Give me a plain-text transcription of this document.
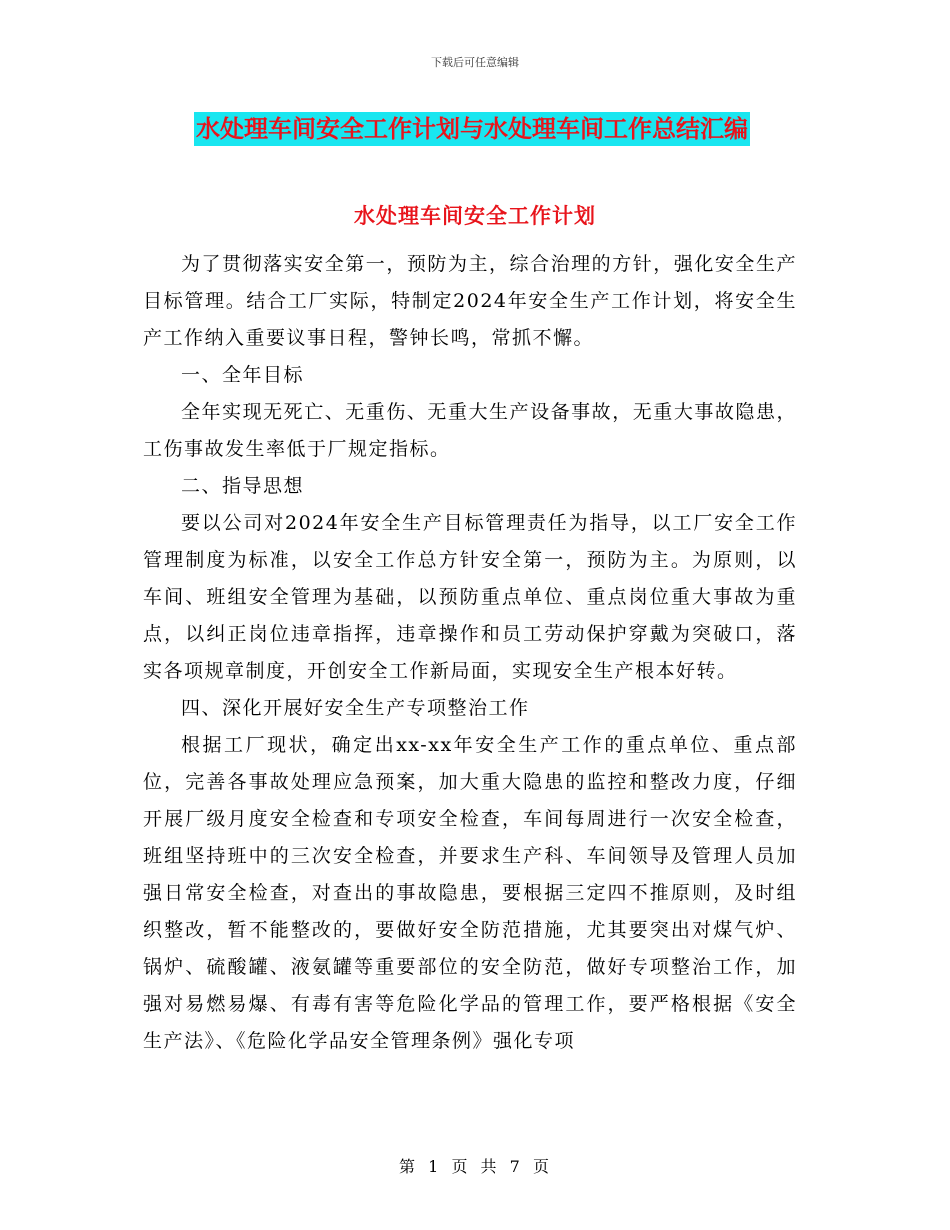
下载后可任意编辑
水处理车间安全工作计划与水处理车间工作总结汇编
水处理车间安全工作计划

为了贯彻落实安全第一，预防为主，综合治理的方针，强化安全生产目标管理。结合工厂实际，特制定2024年安全生产工作计划，将安全生产工作纳入重要议事日程，警钟长鸣，常抓不懈。

一、全年目标

全年实现无死亡、无重伤、无重大生产设备事故，无重大事故隐患，工伤事故发生率低于厂规定指标。

二、指导思想

要以公司对2024年安全生产目标管理责任为指导，以工厂安全工作管理制度为标准，以安全工作总方针安全第一，预防为主。为原则，以车间、班组安全管理为基础，以预防重点单位、重点岗位重大事故为重点，以纠正岗位违章指挥，违章操作和员工劳动保护穿戴为突破口，落实各项规章制度，开创安全工作新局面，实现安全生产根本好转。

四、深化开展好安全生产专项整治工作

根据工厂现状，确定出xx-xx年安全生产工作的重点单位、重点部位，完善各事故处理应急预案，加大重大隐患的监控和整改力度，仔细开展厂级月度安全检查和专项安全检查，车间每周进行一次安全检查，班组坚持班中的三次安全检查，并要求生产科、车间领导及管理人员加强日常安全检查，对查出的事故隐患，要根据三定四不推原则，及时组织整改，暂不能整改的，要做好安全防范措施，尤其要突出对煤气炉、锅炉、硫酸罐、液氨罐等重要部位的安全防范，做好专项整治工作，加强对易燃易爆、有毒有害等危险化学品的管理工作，要严格根据《安全生产法》、《危险化学品安全管理条例》强化专项

第 1 页 共 7 页
